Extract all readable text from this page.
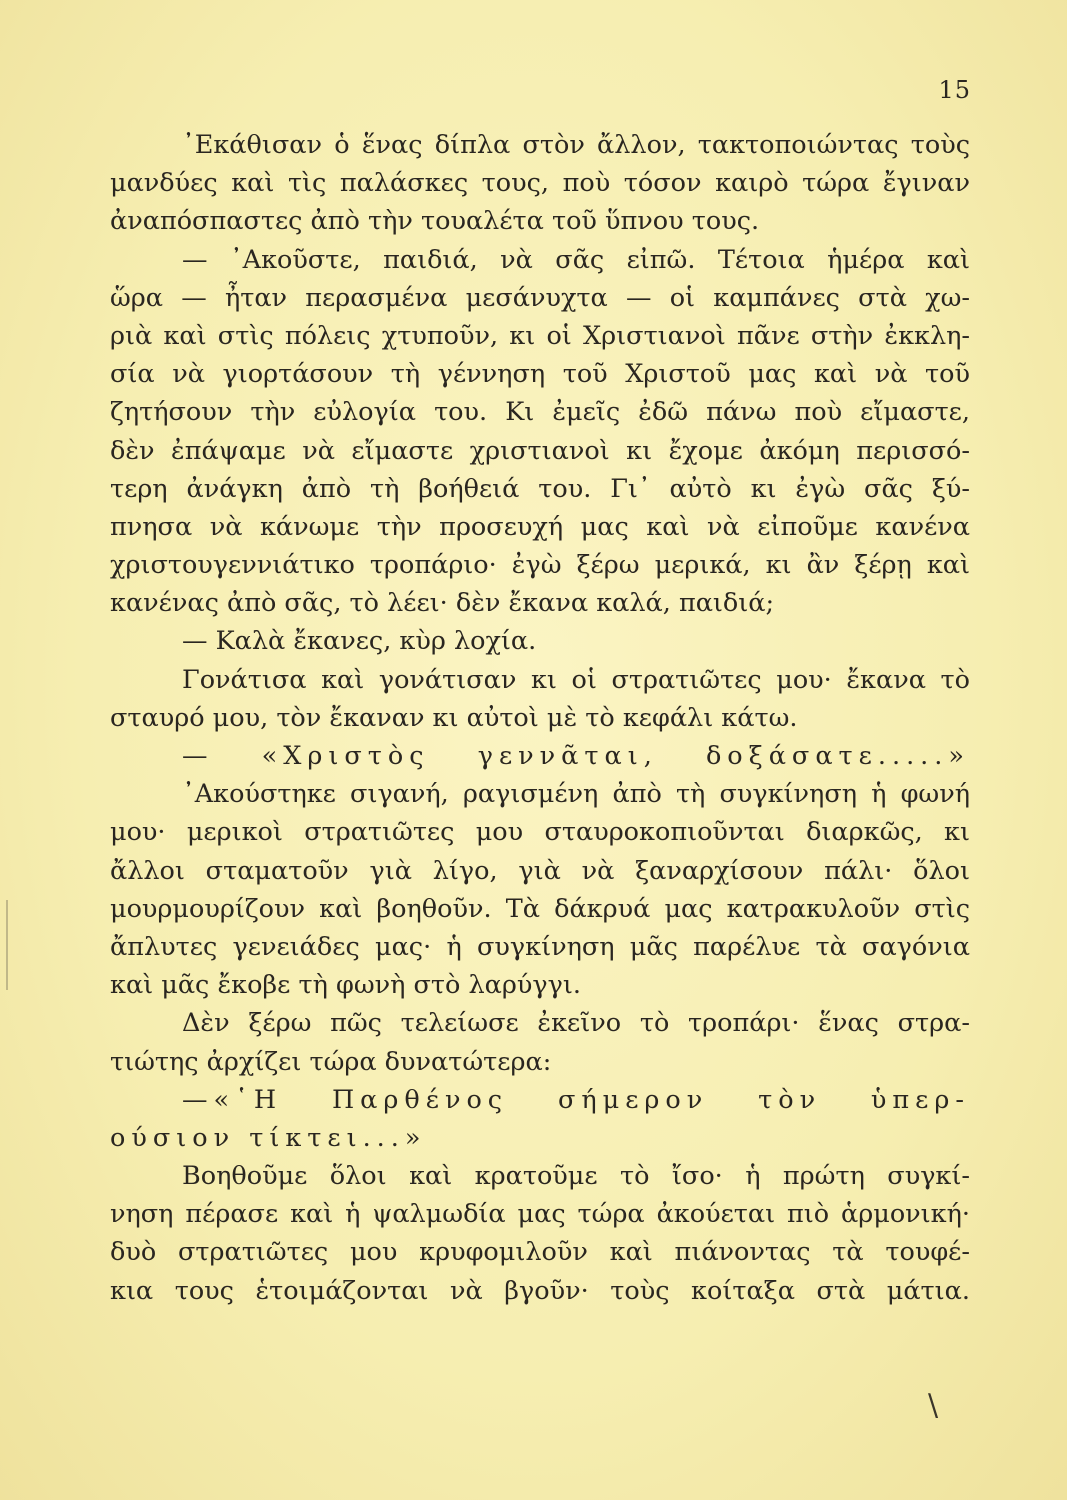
15
᾿Εκάθισαν ὁ ἕνας δίπλα στὸν ἄλλον, τακτοποιώντας τοὺς
μανδύες καὶ τὶς παλάσκες τους, ποὺ τόσον καιρὸ τώρα ἔγιναν
ἀναπόσπαστες ἀπὸ τὴν τουαλέτα τοῦ ὕπνου τους.
— ᾿Ακοῦστε, παιδιά, νὰ σᾶς εἰπῶ. Τέτοια ἡμέρα καὶ
ὥρα — ἦταν περασμένα μεσάνυχτα — οἱ καμπάνες στὰ χω-
ριὰ καὶ στὶς πόλεις χτυποῦν, κι οἱ Χριστιανοὶ πᾶνε στὴν ἐκκλη-
σία νὰ γιορτάσουν τὴ γέννηση τοῦ Χριστοῦ μας καὶ νὰ τοῦ
ζητήσουν τὴν εὐλογία του. Κι ἐμεῖς ἐδῶ πάνω ποὺ εἴμαστε,
δὲν ἐπάψαμε νὰ εἴμαστε χριστιανοὶ κι ἔχομε ἀκόμη περισσό-
τερη ἀνάγκη ἀπὸ τὴ βοήθειά του. Γι᾿ αὐτὸ κι ἐγὼ σᾶς ξύ-
πνησα νὰ κάνωμε τὴν προσευχή μας καὶ νὰ εἰποῦμε κανένα
χριστουγεννιάτικο τροπάριο· ἐγὼ ξέρω μερικά, κι ἂν ξέρῃ καὶ
κανένας ἀπὸ σᾶς, τὸ λέει· δὲν ἔκανα καλά, παιδιά;
— Καλὰ ἔκανες, κὺρ λοχία.
Γονάτισα καὶ γονάτισαν κι οἱ στρατιῶτες μου· ἔκανα τὸ
σταυρό μου, τὸν ἔκαναν κι αὐτοὶ μὲ τὸ κεφάλι κάτω.
— «Χριστὸς γεννᾶται, δοξάσατε.....»
᾿Ακούστηκε σιγανή, ραγισμένη ἀπὸ τὴ συγκίνηση ἡ φωνή
μου· μερικοὶ στρατιῶτες μου σταυροκοπιοῦνται διαρκῶς, κι
ἄλλοι σταματοῦν γιὰ λίγο, γιὰ νὰ ξαναρχίσουν πάλι· ὅλοι
μουρμουρίζουν καὶ βοηθοῦν. Τὰ δάκρυά μας κατρακυλοῦν στὶς
ἄπλυτες γενειάδες μας· ἡ συγκίνηση μᾶς παρέλυε τὰ σαγόνια
καὶ μᾶς ἔκοβε τὴ φωνὴ στὸ λαρύγγι.
Δὲν ξέρω πῶς τελείωσε ἐκεῖνο τὸ τροπάρι· ἕνας στρα-
τιώτης ἀρχίζει τώρα δυνατώτερα:
—«῾Η Παρθένος σήμερον τὸν ὑπερ-
ούσιον τίκτει...»
Βοηθοῦμε ὅλοι καὶ κρατοῦμε τὸ ἴσο· ἡ πρώτη συγκί-
νηση πέρασε καὶ ἡ ψαλμωδία μας τώρα ἀκούεται πιὸ ἁρμονική·
δυὸ στρατιῶτες μου κρυφομιλοῦν καὶ πιάνοντας τὰ τουφέ-
κια τους ἑτοιμάζονται νὰ βγοῦν· τοὺς κοίταξα στὰ μάτια.
\
